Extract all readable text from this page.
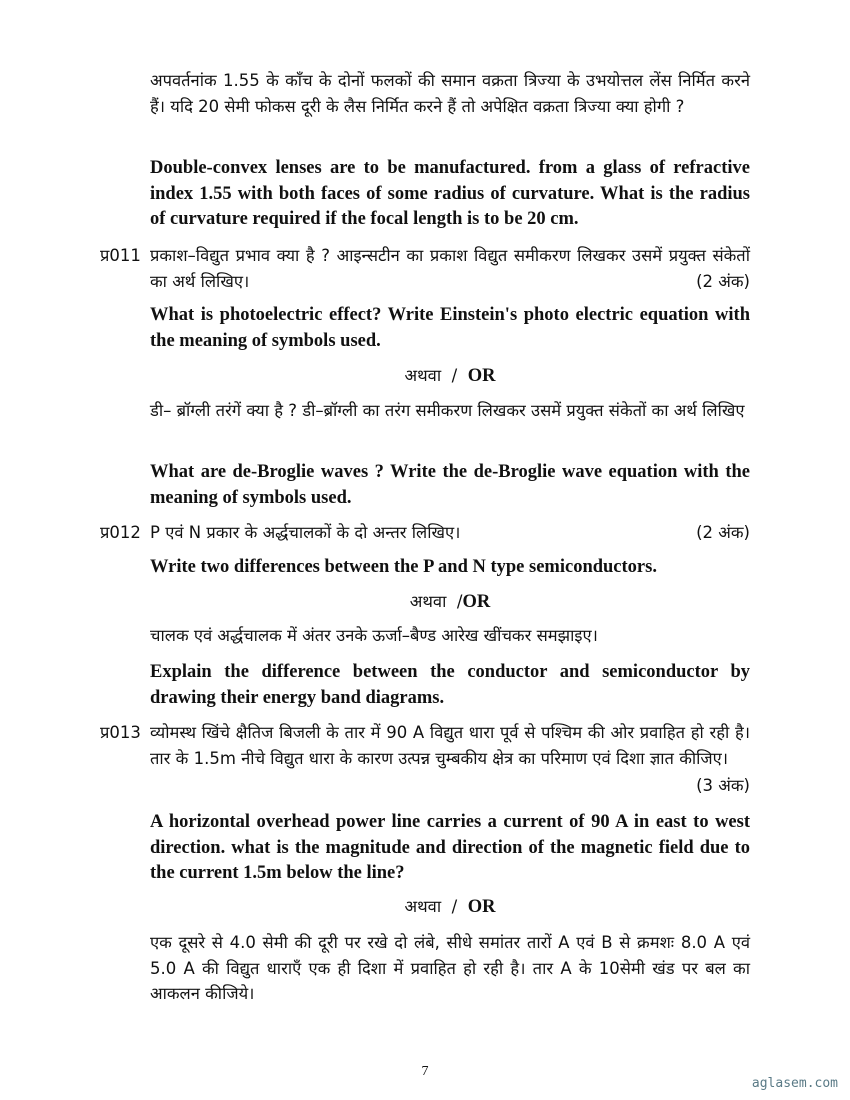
अपवर्तनांक 1.55 के काँच के दोनों फलकों की समान वक्रता त्रिज्या के उभयोत्तल लेंस निर्मित करने हैं। यदि 20 सेमी फोकस दूरी के लैस निर्मित करने हैं तो अपेक्षित वक्रता त्रिज्या क्या होगी ?

Double-convex lenses are to be manufactured. from a glass of refractive index 1.55 with both faces of some radius of curvature. What is the radius of curvature required if the focal length is to be 20 cm.

प्र011 प्रकाश–विद्युत प्रभाव क्या है ? आइन्सटीन का प्रकाश विद्युत समीकरण लिखकर उसमें प्रयुक्त संकेतों का अर्थ लिखिए।	(2 अंक)

What is photoelectric effect? Write Einstein's photo electric equation with the meaning of symbols used.

अथवा / OR

डी– ब्रॉग्ली तरंगें क्या है ? डी–ब्रॉग्ली का तरंग समीकरण लिखकर उसमें प्रयुक्त संकेतों का अर्थ लिखिए

What are de-Broglie waves ? Write the de-Broglie wave equation with the meaning of symbols used.

प्र012 P एवं N प्रकार के अर्द्धचालकों के दो अन्तर लिखिए।	(2 अंक)

Write two differences between the P and N type semiconductors.

अथवा /OR

चालक एवं अर्द्धचालक में अंतर उनके ऊर्जा–बैण्ड आरेख खींचकर समझाइए।

Explain the difference between the conductor and semiconductor by drawing their energy band diagrams.

प्र013 व्योमस्थ खिंचे क्षैतिज बिजली के तार में 90 A विद्युत धारा पूर्व से पश्चिम की ओर प्रवाहित हो रही है। तार के 1.5m नीचे विद्युत धारा के कारण उत्पन्न चुम्बकीय क्षेत्र का परिमाण एवं दिशा ज्ञात कीजिए।

(3 अंक)

A horizontal overhead power line carries a current of 90 A in east to west direction. what is the magnitude and direction of the magnetic field due to the current 1.5m below the line?

अथवा / OR

एक दूसरे से 4.0 सेमी की दूरी पर रखे दो लंबे, सीधे समांतर तारों A एवं B से क्रमशः 8.0 A एवं 5.0 A की विद्युत धाराएँ एक ही दिशा में प्रवाहित हो रही है। तार A के 10सेमी खंड पर बल का आकलन कीजिये।

7
aglasem.com
